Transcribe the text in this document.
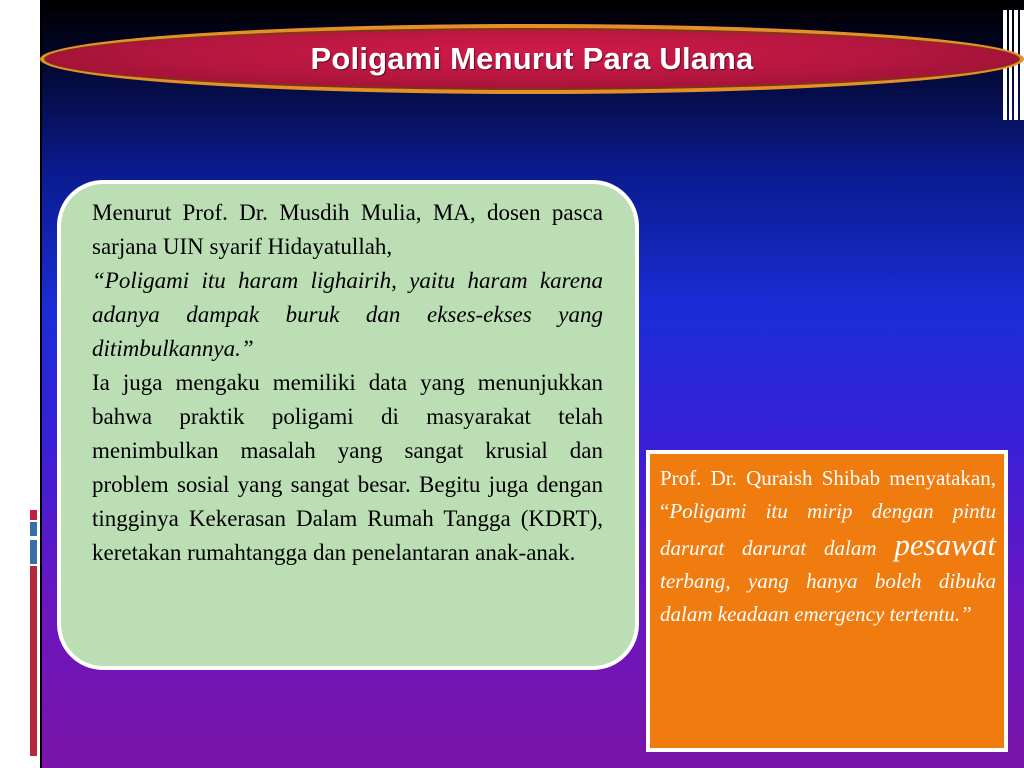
Poligami Menurut Para Ulama

Menurut Prof. Dr. Musdih Mulia, MA, dosen pasca sarjana UIN syarif Hidayatullah,

“Poligami itu haram lighairih, yaitu haram karena adanya dampak buruk dan ekses-ekses yang ditimbulkannya.”

Ia juga mengaku memiliki data yang menunjukkan bahwa praktik poligami di masyarakat telah menimbulkan masalah yang sangat krusial dan problem sosial yang sangat besar. Begitu juga dengan tingginya Kekerasan Dalam Rumah Tangga (KDRT), keretakan rumahtangga dan penelantaran anak-anak.

Prof. Dr. Quraish Shibab menyatakan, “Poligami itu mirip dengan pintu darurat darurat dalam pesawat terbang, yang hanya boleh dibuka dalam keadaan emergency tertentu.”
